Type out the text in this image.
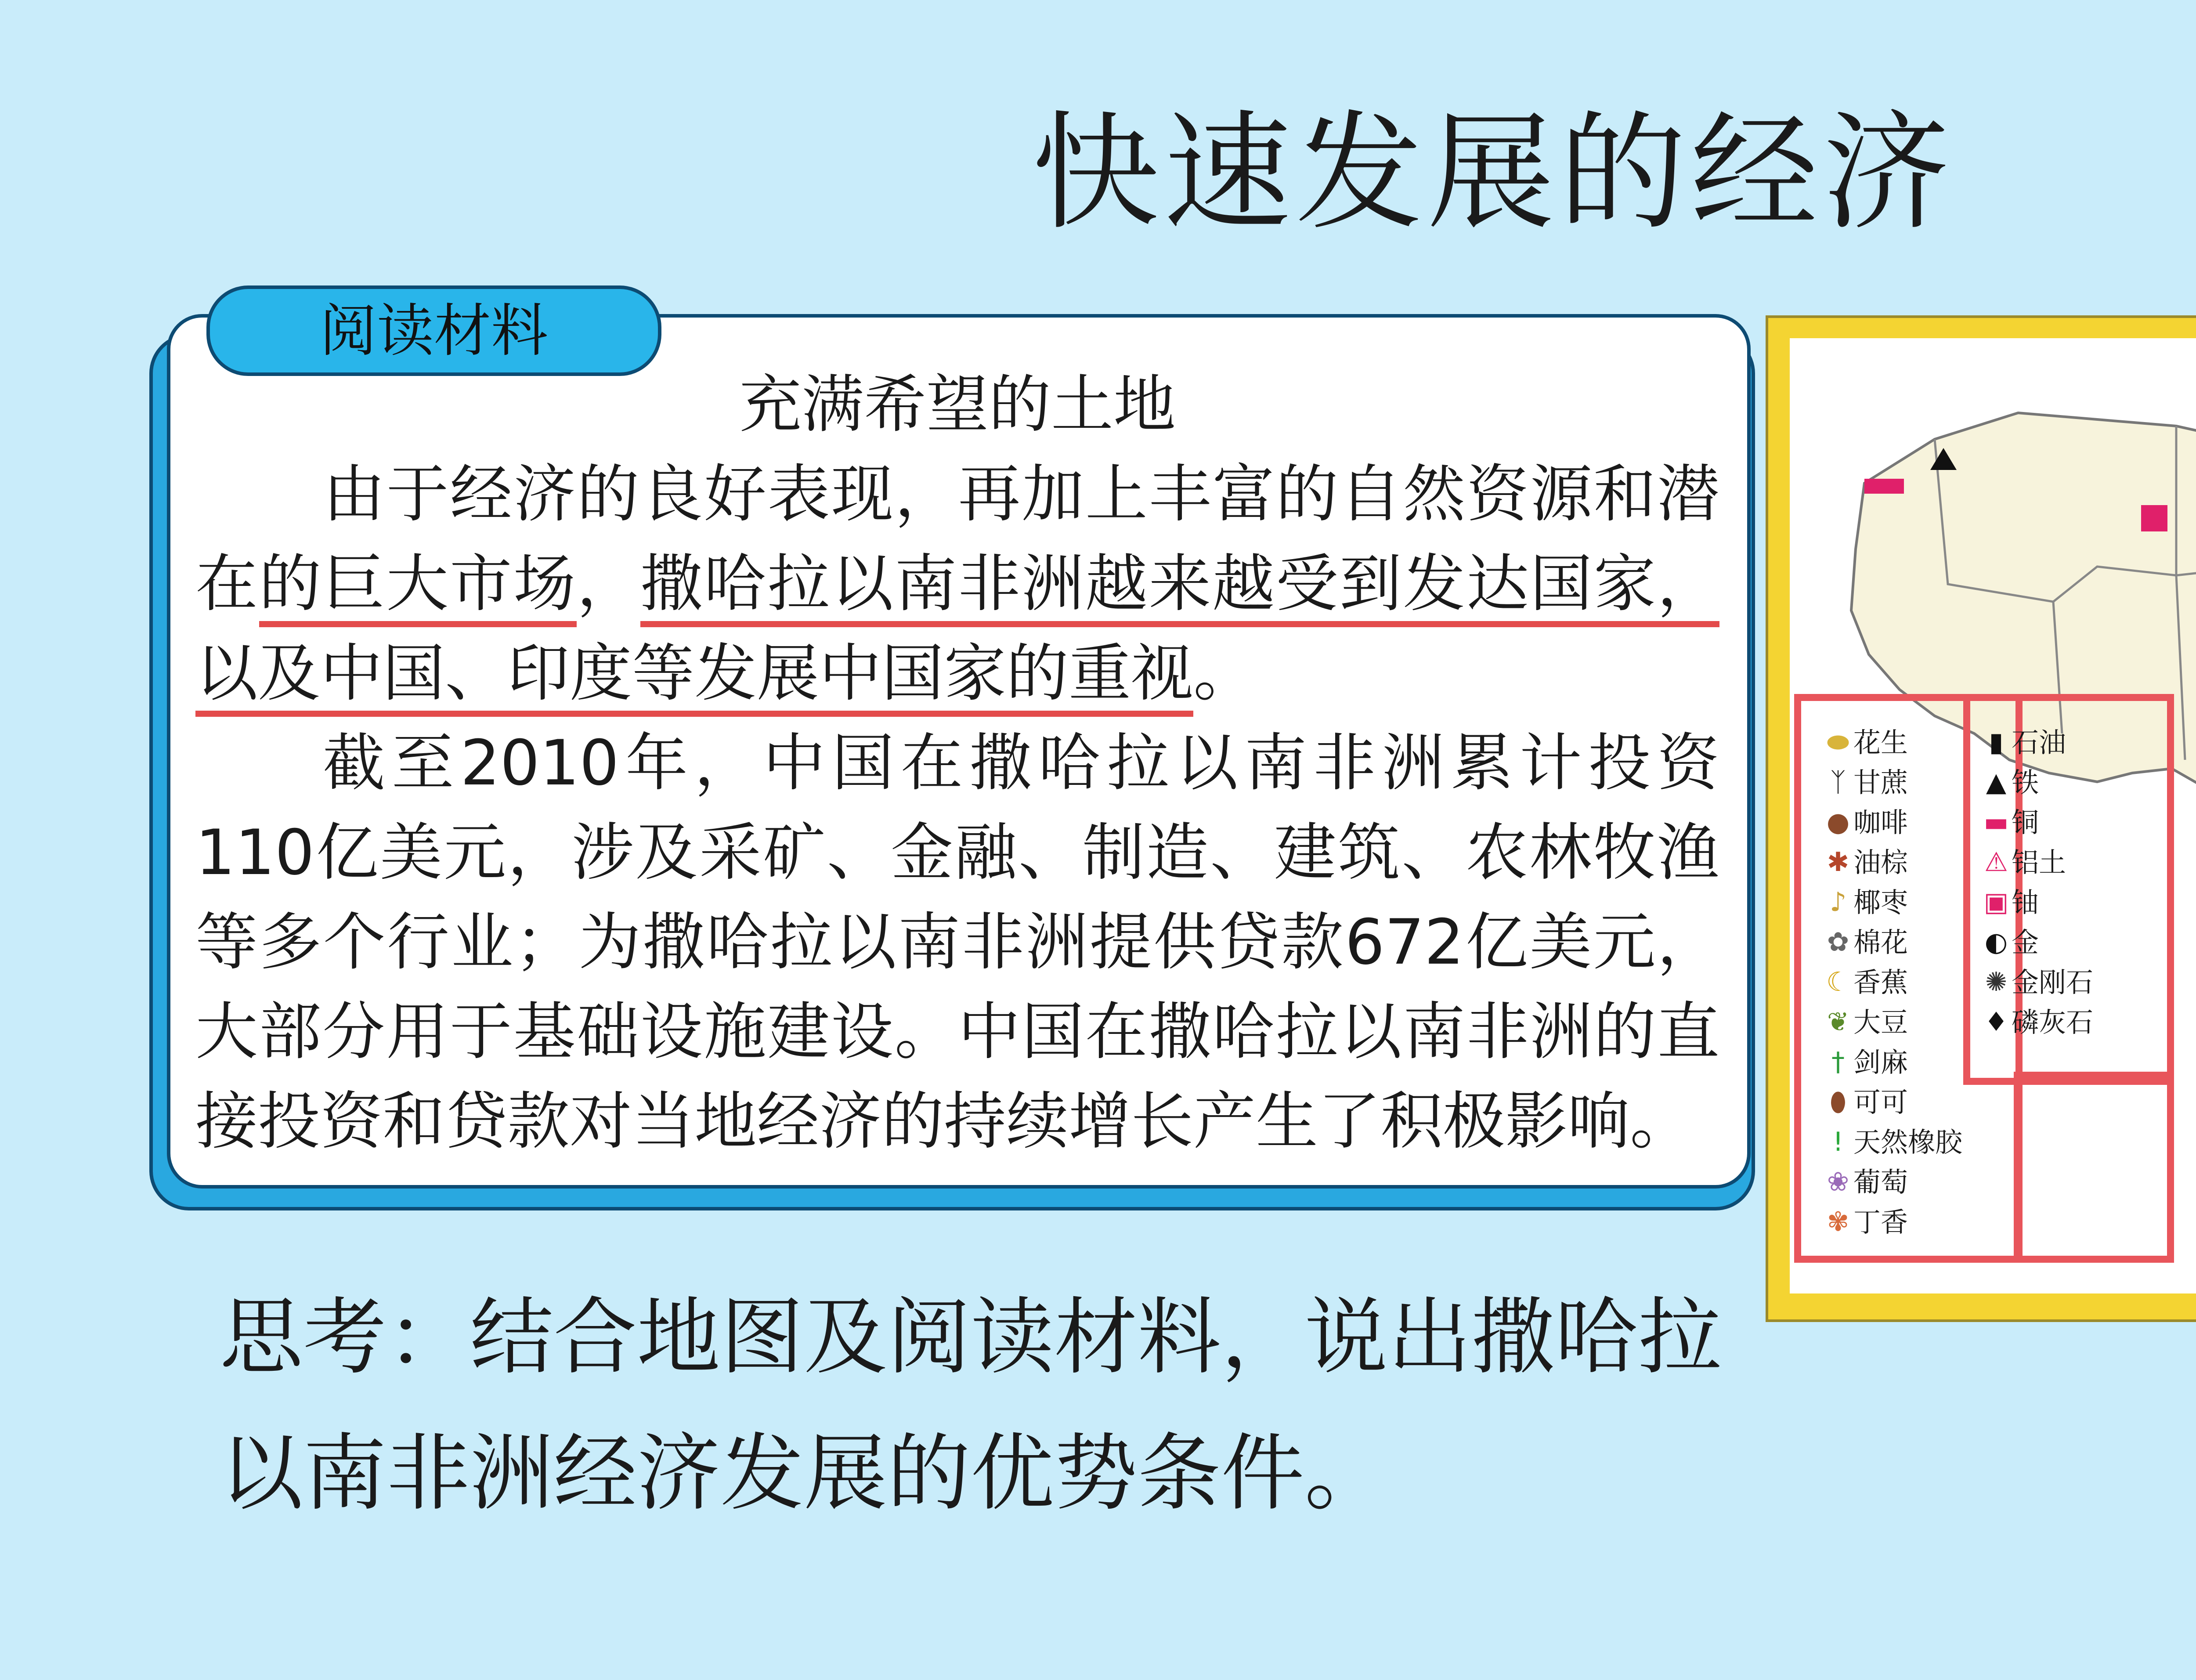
快速发展的经济
阅读材料
充满希望的土地

由于经济的良好表现，再加上丰富的自然资源和潜在的巨大市场，撒哈拉以南非洲越来越受到发达国家，以及中国、印度等发展中国家的重视。

截至2010年，中国在撒哈拉以南非洲累计投资110亿美元，涉及采矿、金融、制造、建筑、农林牧渔等多个行业；为撒哈拉以南非洲提供贷款672亿美元，大部分用于基础设施建设。中国在撒哈拉以南非洲的直接投资和贷款对当地经济的持续增长产生了积极影响。

思考：结合地图及阅读材料，说出撒哈拉以南非洲经济发展的优势条件。
⬬ 花生
ᛉ 甘蔗
● 咖啡
✱ 油棕
♪ 椰枣
✿ 棉花
☾ 香蕉
❦ 大豆
† 剑麻
⬮ 可可
! 天然橡胶
❀ 葡萄
✾ 丁香
▮ 石油
▲ 铁
▬ 铜
⚠ 铝土
▣ 铀
◐ 金
✺ 金刚石
♦ 磷灰石
